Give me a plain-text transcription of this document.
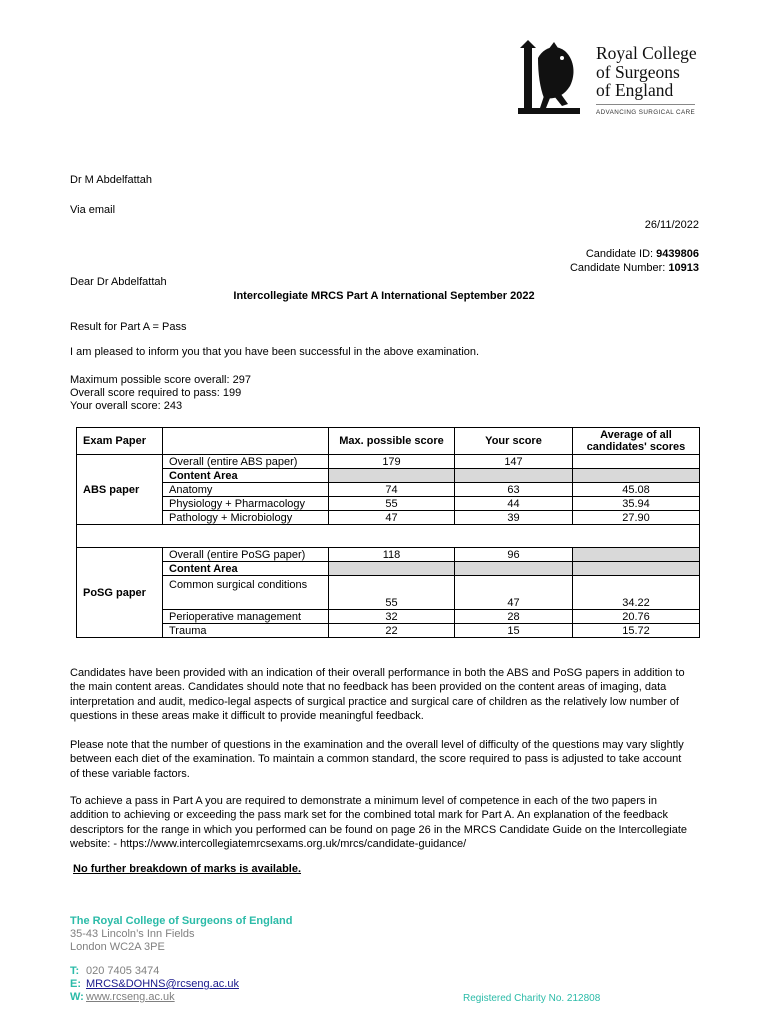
Royal College
of Surgeons
of England
ADVANCING SURGICAL CARE
Dr M Abdelfattah
Via email
26/11/2022
Candidate ID: 9439806
Candidate Number: 10913
Dear Dr Abdelfattah
Intercollegiate MRCS Part A International September 2022
Result for Part A = Pass
I am pleased to inform you that you have been successful in the above examination.
Maximum possible score overall: 297
Overall score required to pass: 199
Your overall score: 243
Exam Paper		Max. possible score	Your score	Average of all candidates' scores
ABS paper	Overall (entire ABS paper)	179	147	
	Content Area			
	Anatomy	74	63	45.08
	Physiology + Pharmacology	55	44	35.94
	Pathology + Microbiology	47	39	27.90

PoSG paper	Overall (entire PoSG paper)	118	96	
	Content Area			
	Common surgical conditions	55	47	34.22
	Perioperative management	32	28	20.76
	Trauma	22	15	15.72
Candidates have been provided with an indication of their overall performance in both the ABS and PoSG papers in addition to the main content areas. Candidates should note that no feedback has been provided on the content areas of imaging, data interpretation and audit, medico-legal aspects of surgical practice and surgical care of children as the relatively low number of questions in these areas make it difficult to provide meaningful feedback.
Please note that the number of questions in the examination and the overall level of difficulty of the questions may vary slightly between each diet of the examination. To maintain a common standard, the score required to pass is adjusted to take account of these variable factors.
To achieve a pass in Part A you are required to demonstrate a minimum level of competence in each of the two papers in addition to achieving or exceeding the pass mark set for the combined total mark for Part A. An explanation of the feedback descriptors for the range in which you performed can be found on page 26 in the MRCS Candidate Guide on the Intercollegiate website: - https://www.intercollegiatemrcsexams.org.uk/mrcs/candidate-guidance/
No further breakdown of marks is available.
The Royal College of Surgeons of England
35-43 Lincoln’s Inn Fields
London WC2A 3PE
T: 020 7405 3474
E: MRCS&DOHNS@rcseng.ac.uk
W: www.rcseng.ac.uk	Registered Charity No. 212808
